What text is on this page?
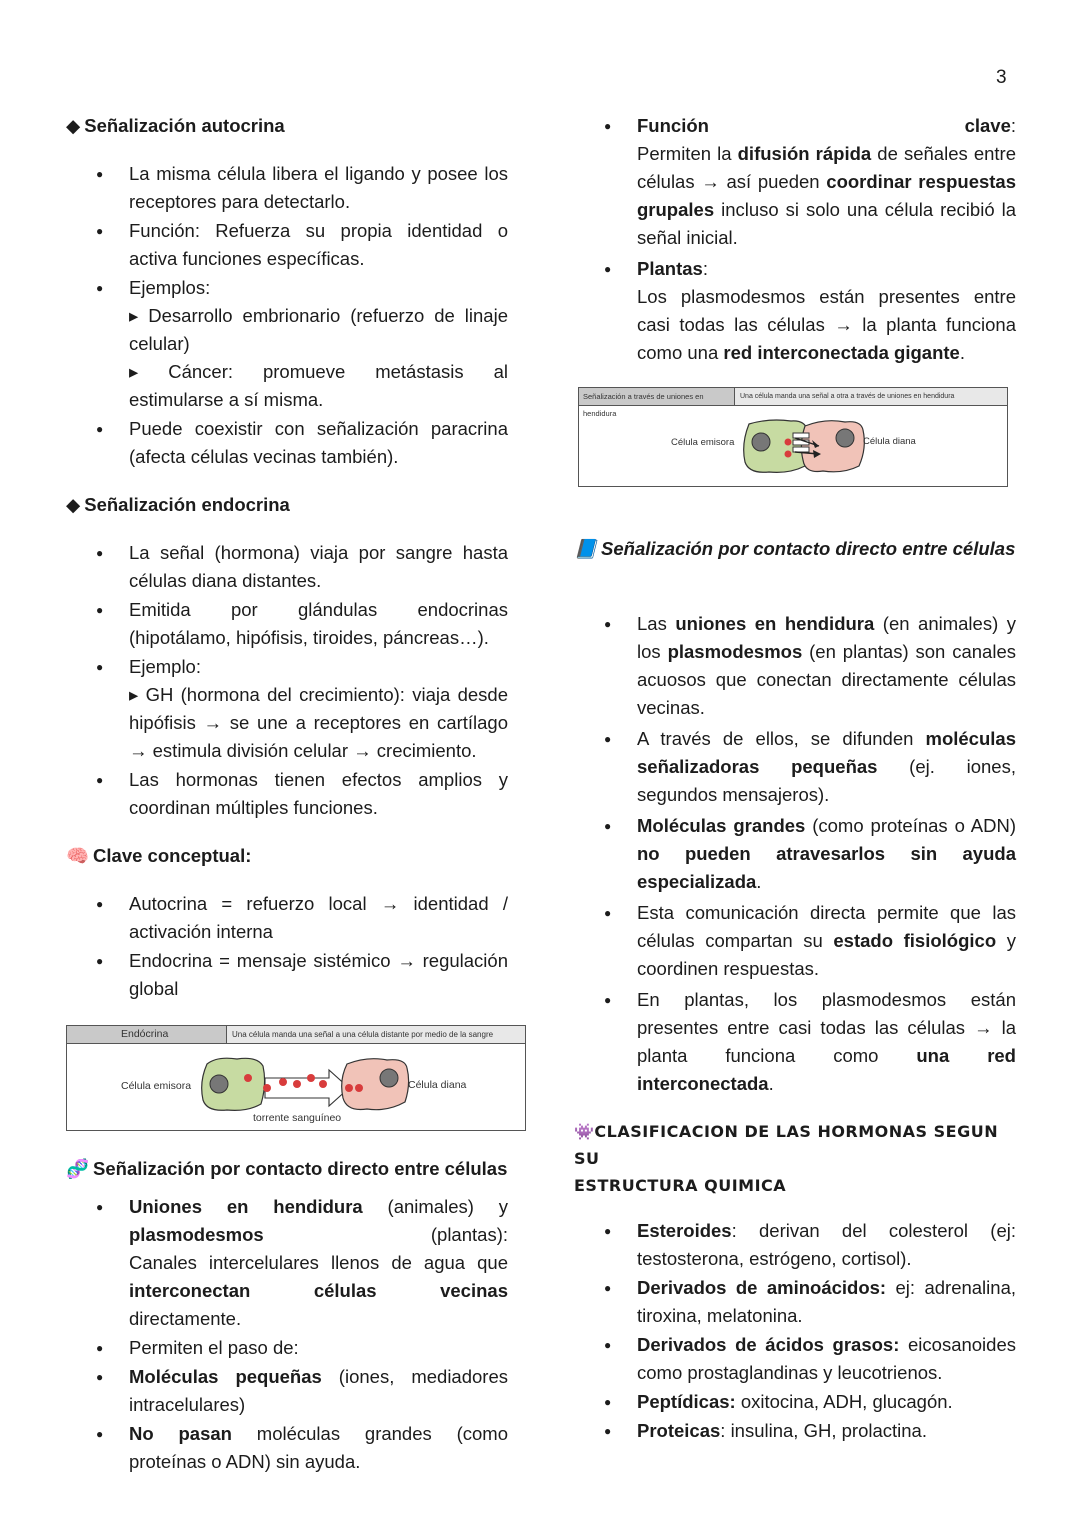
3
◆ Señalización autocrina
● La misma célula libera el ligando y posee los receptores para detectarlo.
● Función: Refuerza su propia identidad o activa funciones específicas.
● Ejemplos:
▸ Desarrollo embrionario (refuerzo de linaje celular)
▸ Cáncer: promueve metástasis al estimularse a sí misma.
● Puede coexistir con señalización paracrina (afecta células vecinas también).
◆ Señalización endocrina
● La señal (hormona) viaja por sangre hasta células diana distantes.
● Emitida por glándulas endocrinas (hipotálamo, hipófisis, tiroides, páncreas…).
● Ejemplo:
▸ GH (hormona del crecimiento): viaja desde hipófisis → se une a receptores en cartílago → estimula división celular → crecimiento.
● Las hormonas tienen efectos amplios y coordinan múltiples funciones.
🧠 Clave conceptual:
● Autocrina = refuerzo local → identidad / activación interna
● Endocrina = mensaje sistémico → regulación global
Endócrina	Una célula manda una señal a una célula distante por medio de la sangre
Célula emisora	Célula diana
torrente sanguíneo
🧬 Señalización por contacto directo entre células
● Uniones en hendidura (animales) y plasmodesmos (plantas):
Canales intercelulares llenos de agua que interconectan células vecinas directamente.
● Permiten el paso de:
● Moléculas pequeñas (iones, mediadores intracelulares)
● No pasan moléculas grandes (como proteínas o ADN) sin ayuda.
● Función	clave:
Permiten la difusión rápida de señales entre células → así pueden coordinar respuestas grupales incluso si solo una célula recibió la señal inicial.
● Plantas:
Los plasmodesmos están presentes entre casi todas las células → la planta funciona como una red interconectada gigante.
Señalización a través de uniones en hendidura
Una célula manda una señal a otra a través de uniones en hendidura
Célula emisora	Célula diana
📘 Señalización por contacto directo entre células
● Las uniones en hendidura (en animales) y los plasmodesmos (en plantas) son canales acuosos que conectan directamente células vecinas.
● A través de ellos, se difunden moléculas señalizadoras pequeñas (ej. iones, segundos mensajeros).
● Moléculas grandes (como proteínas o ADN) no pueden atravesarlos sin ayuda especializada.
● Esta comunicación directa permite que las células compartan su estado fisiológico y coordinen respuestas.
● En plantas, los plasmodesmos están presentes entre casi todas las células → la planta funciona como una red interconectada.
👾CLASIFICACION DE LAS HORMONAS SEGUN SU
ESTRUCTURA QUIMICA
● Esteroides: derivan del colesterol (ej: testosterona, estrógeno, cortisol).
● Derivados de aminoácidos: ej: adrenalina, tiroxina, melatonina.
● Derivados de ácidos grasos: eicosanoides como prostaglandinas y leucotrienos.
● Peptídicas: oxitocina, ADH, glucagón.
● Proteicas: insulina, GH, prolactina.
